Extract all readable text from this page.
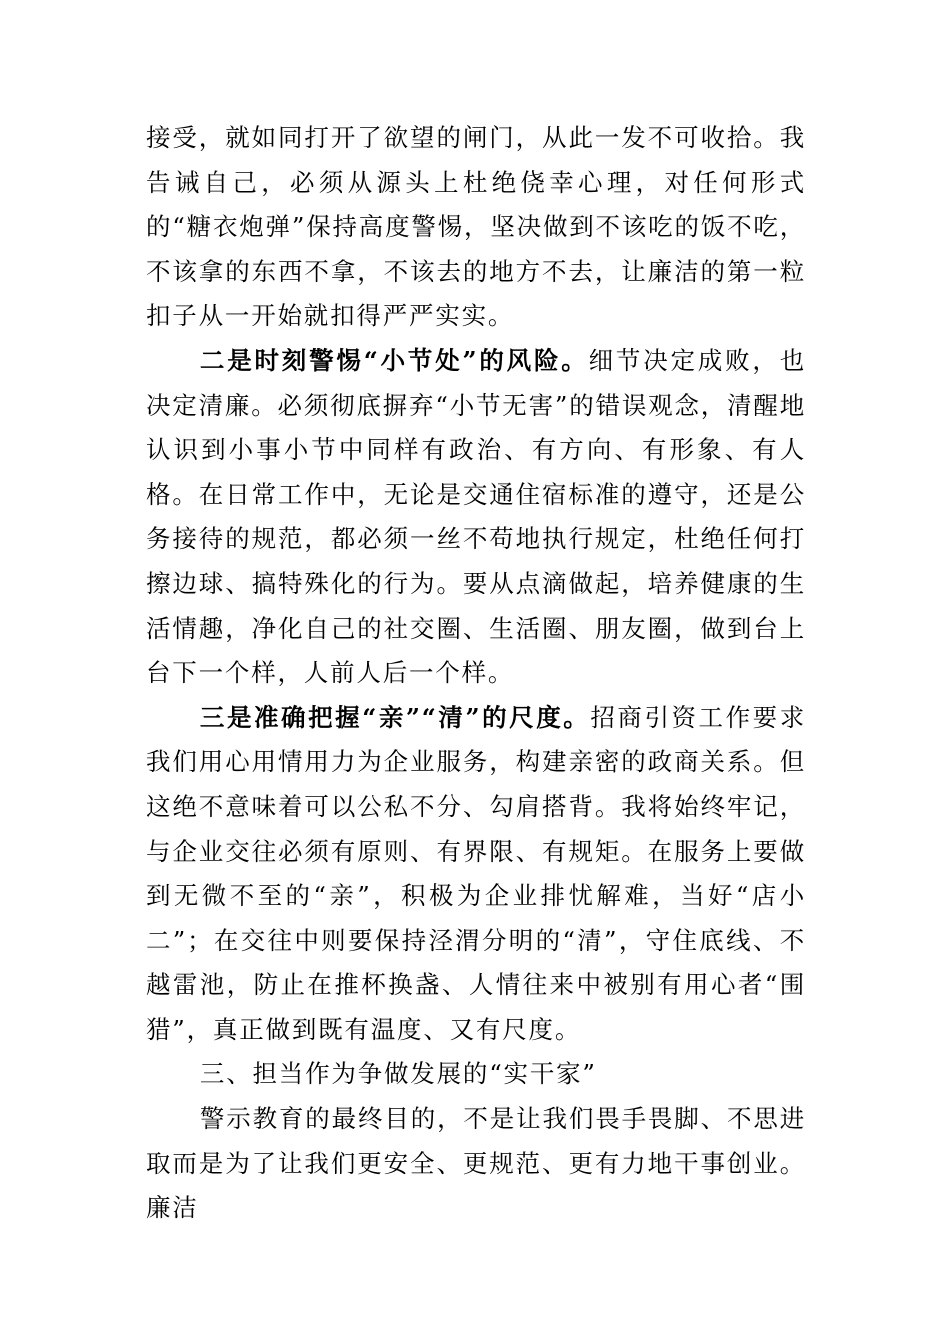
接受，就如同打开了欲望的闸门，从此一发不可收拾。我告诫自己，必须从源头上杜绝侥幸心理，对任何形式的“糖衣炮弹”保持高度警惕，坚决做到不该吃的饭不吃，不该拿的东西不拿，不该去的地方不去，让廉洁的第一粒扣子从一开始就扣得严严实实。

二是时刻警惕“小节处”的风险。细节决定成败，也决定清廉。必须彻底摒弃“小节无害”的错误观念，清醒地认识到小事小节中同样有政治、有方向、有形象、有人格。在日常工作中，无论是交通住宿标准的遵守，还是公务接待的规范，都必须一丝不苟地执行规定，杜绝任何打擦边球、搞特殊化的行为。要从点滴做起，培养健康的生活情趣，净化自己的社交圈、生活圈、朋友圈，做到台上台下一个样，人前人后一个样。

三是准确把握“亲”“清”的尺度。招商引资工作要求我们用心用情用力为企业服务，构建亲密的政商关系。但这绝不意味着可以公私不分、勾肩搭背。我将始终牢记，与企业交往必须有原则、有界限、有规矩。在服务上要做到无微不至的“亲”，积极为企业排忧解难，当好“店小二”；在交往中则要保持泾渭分明的“清”，守住底线、不越雷池，防止在推杯换盏、人情往来中被别有用心者“围猎”，真正做到既有温度、又有尺度。

三、担当作为争做发展的“实干家”

警示教育的最终目的，不是让我们畏手畏脚、不思进取而是为了让我们更安全、更规范、更有力地干事创业。廉洁
